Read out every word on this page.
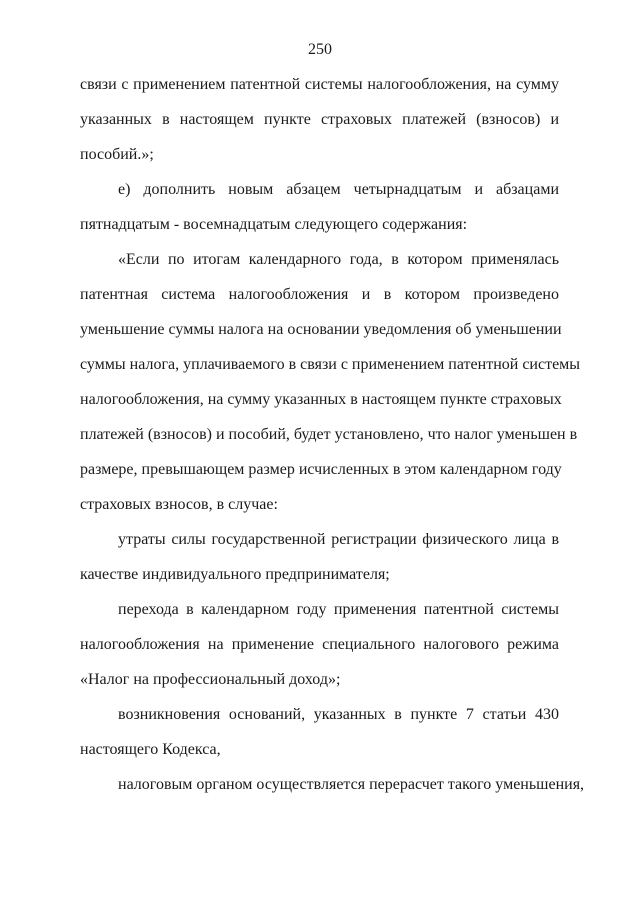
250
связи с применением патентной системы налогообложения, на сумму
указанных в настоящем пункте страховых платежей (взносов) и
пособий.»;
е) дополнить новым абзацем четырнадцатым и абзацами
пятнадцатым - восемнадцатым следующего содержания:
«Если по итогам календарного года, в котором применялась
патентная система налогообложения и в котором произведено
уменьшение суммы налога на основании уведомления об уменьшении
суммы налога, уплачиваемого в связи с применением патентной системы
налогообложения, на сумму указанных в настоящем пункте страховых
платежей (взносов) и пособий, будет установлено, что налог уменьшен в
размере, превышающем размер исчисленных в этом календарном году
страховых взносов, в случае:
утраты силы государственной регистрации физического лица в
качестве индивидуального предпринимателя;
перехода в календарном году применения патентной системы
налогообложения на применение специального налогового режима
«Налог на профессиональный доход»;
возникновения оснований, указанных в пункте 7 статьи 430
настоящего Кодекса,
налоговым органом осуществляется перерасчет такого уменьшения,
